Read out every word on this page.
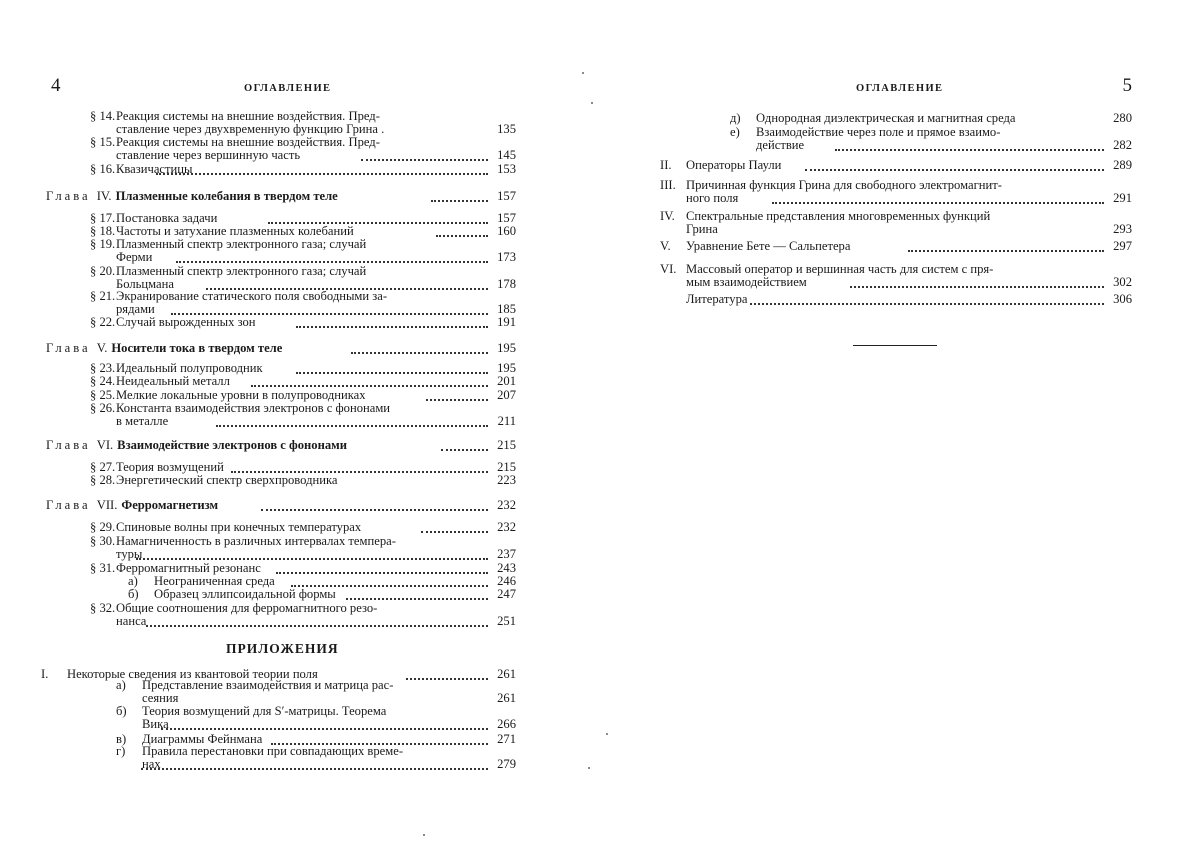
4	ОГЛАВЛЕНИЕ
§ 14.Реакция системы на внешние воздействия. Пред-
ставление через двухвременную функцию Грина .	135
§ 15.Реакция системы на внешние воздействия. Пред-
ставление через вершинную часть	145
§ 16.Квазичастицы	153
Глава IV. Плазменные колебания в твердом теле	157
§ 17.Постановка задачи	157
§ 18.Частоты и затухание плазменных колебаний	160
§ 19.Плазменный спектр электронного газа; случай
Ферми	173
§ 20.Плазменный спектр электронного газа; случай
Больцмана	178
§ 21.Экранирование статического поля свободными за-
рядами	185
§ 22.Случай вырожденных зон	191
Глава V. Носители тока в твердом теле	195
§ 23.Идеальный полупроводник	195
§ 24.Неидеальный металл	201
§ 25.Мелкие локальные уровни в полупроводниках	207
§ 26.Константа взаимодействия электронов с фононами
в металле	211
Глава VI. Взаимодействие электронов с фононами	215
§ 27.Теория возмущений	215
§ 28.Энергетический спектр сверхпроводника	223
Глава VII. Ферромагнетизм	232
§ 29.Спиновые волны при конечных температурах	232
§ 30.Намагниченность в различных интервалах темпера-
туры	237
§ 31.Ферромагнитный резонанс	243
а)Неограниченная среда	246
б)Образец эллипсоидальной формы	247
§ 32.Общие соотношения для ферромагнитного резо-
нанса	251
ПРИЛОЖЕНИЯ
I.Некоторые сведения из квантовой теории поля	261
а)Представление взаимодействия и матрица рас-
сеяния	261
б)Теория возмущений для S′-матрицы. Теорема
Вика	266
в)Диаграммы Фейнмана	271
г)Правила перестановки при совпадающих време-
нах	279
5
ОГЛАВЛЕНИЕ
д)Однородная диэлектрическая и магнитная среда	280
е)Взаимодействие через поле и прямое взаимо-
действие	282
II.Операторы Паули	289
III.Причинная функция Грина для свободного электромагнит-
ного поля	291
IV.Спектральные представления многовременных функций
Грина	293
V.Уравнение Бете — Сальпетера	297
VI.Массовый оператор и вершинная часть для систем с пря-
мым взаимодействием	302
Литература	306
